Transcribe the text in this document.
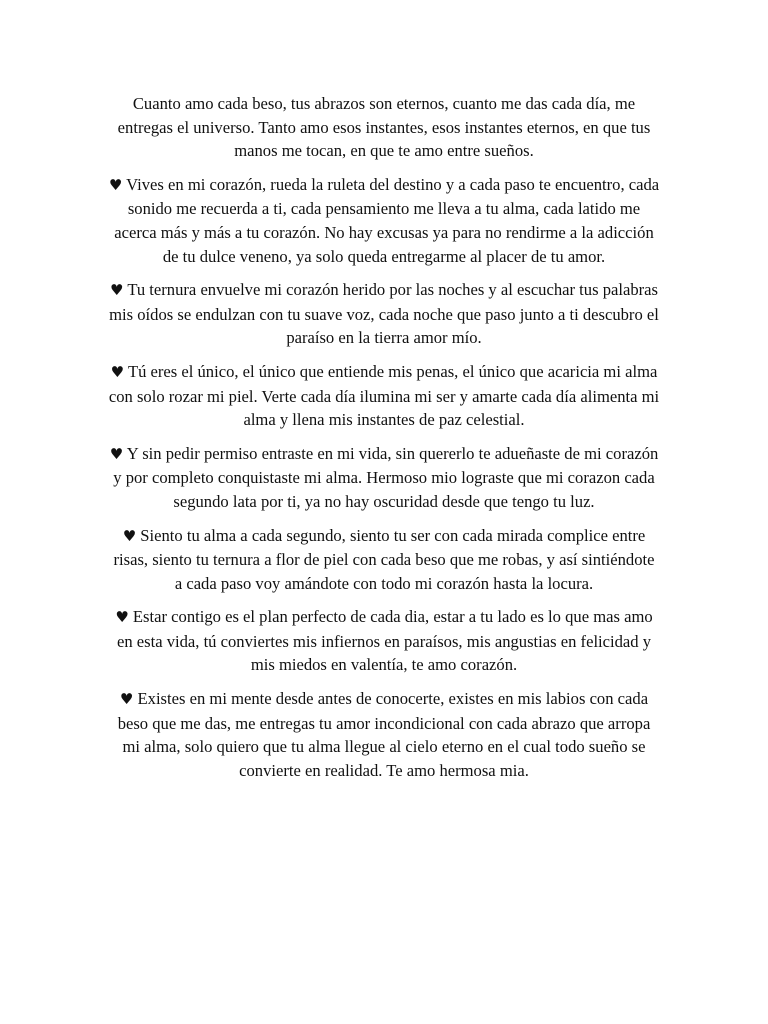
Cuanto amo cada beso, tus abrazos son eternos, cuanto me das cada día, me entregas el universo. Tanto amo esos instantes, esos instantes eternos, en que tus manos me tocan, en que te amo entre sueños.

♥ Vives en mi corazón, rueda la ruleta del destino y a cada paso te encuentro, cada sonido me recuerda a ti, cada pensamiento me lleva a tu alma, cada latido me acerca más y más a tu corazón. No hay excusas ya para no rendirme a la adicción de tu dulce veneno, ya solo queda entregarme al placer de tu amor.

♥ Tu ternura envuelve mi corazón herido por las noches y al escuchar tus palabras mis oídos se endulzan con tu suave voz, cada noche que paso junto a ti descubro el paraíso en la tierra amor mío.

♥ Tú eres el único, el único que entiende mis penas, el único que acaricia mi alma con solo rozar mi piel. Verte cada día ilumina mi ser y amarte cada día alimenta mi alma y llena mis instantes de paz celestial.

♥ Y sin pedir permiso entraste en mi vida, sin quererlo te adueñaste de mi corazón y por completo conquistaste mi alma. Hermoso mio lograste que mi corazon cada segundo lata por ti, ya no hay oscuridad desde que tengo tu luz.

♥ Siento tu alma a cada segundo, siento tu ser con cada mirada complice entre risas, siento tu ternura a flor de piel con cada beso que me robas, y así sintiéndote a cada paso voy amándote con todo mi corazón hasta la locura.

♥ Estar contigo es el plan perfecto de cada dia, estar a tu lado es lo que mas amo en esta vida, tú conviertes mis infiernos en paraísos, mis angustias en felicidad y mis miedos en valentía, te amo corazón.

♥ Existes en mi mente desde antes de conocerte, existes en mis labios con cada beso que me das, me entregas tu amor incondicional con cada abrazo que arropa mi alma, solo quiero que tu alma llegue al cielo eterno en el cual todo sueño se convierte en realidad. Te amo hermosa mia.
